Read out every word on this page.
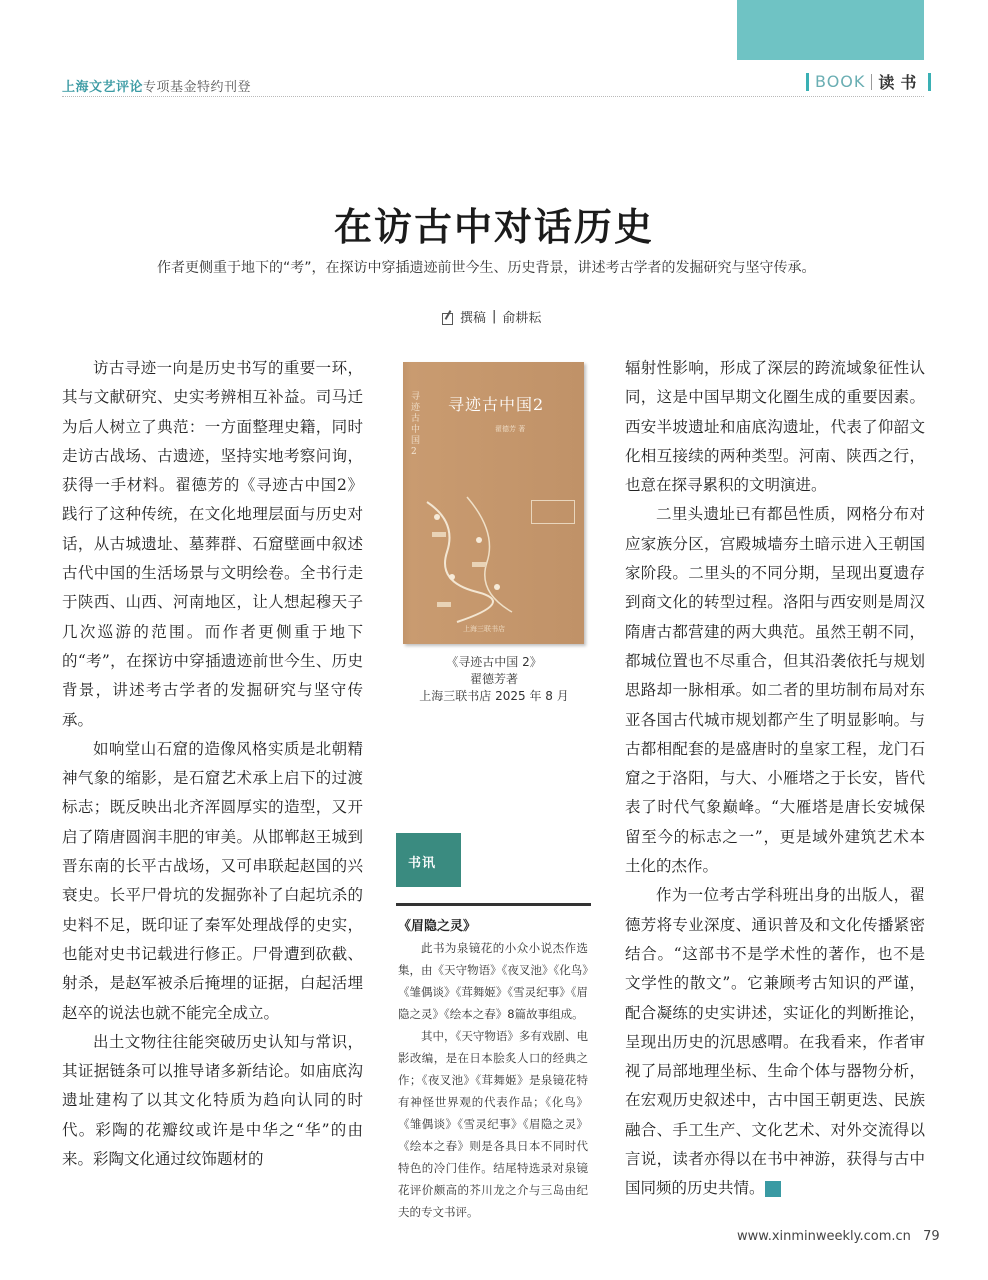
上海文艺评论专项基金特约刊登	BOOK 读书
在访古中对话历史
作者更侧重于地下的“考”，在探访中穿插遗迹前世今生、历史背景，讲述考古学者的发掘研究与坚守传承。
撰稿 | 俞耕耘

访古寻迹一向是历史书写的重要一环，其与文献研究、史实考辨相互补益。司马迁为后人树立了典范：一方面整理史籍，同时走访古战场、古遗迹，坚持实地考察问询，获得一手材料。翟德芳的《寻迹古中国2》践行了这种传统，在文化地理层面与历史对话，从古城遗址、墓葬群、石窟壁画中叙述古代中国的生活场景与文明绘卷。全书行走于陕西、山西、河南地区，让人想起穆天子几次巡游的范围。而作者更侧重于地下的“考”，在探访中穿插遗迹前世今生、历史背景，讲述考古学者的发掘研究与坚守传承。

如响堂山石窟的造像风格实质是北朝精神气象的缩影，是石窟艺术承上启下的过渡标志；既反映出北齐浑圆厚实的造型，又开启了隋唐圆润丰肥的审美。从邯郸赵王城到晋东南的长平古战场，又可串联起赵国的兴衰史。长平尸骨坑的发掘弥补了白起坑杀的史料不足，既印证了秦军处理战俘的史实，也能对史书记载进行修正。尸骨遭到砍截、射杀，是赵军被杀后掩埋的证据，白起活埋赵卒的说法也就不能完全成立。

出土文物往往能突破历史认知与常识，其证据链条可以推导诸多新结论。如庙底沟遗址建构了以其文化特质为趋向认同的时代。彩陶的花瓣纹或许是中华之“华”的由来。彩陶文化通过纹饰题材的

寻迹古中国2
寻迹古中国2
翟德芳 著
上海三联书店
《寻迹古中国 2》
翟德芳著
上海三联书店 2025 年 8 月
书讯
《眉隐之灵》

此书为泉镜花的小众小说杰作选集，由《天守物语》《夜叉池》《化鸟》《雏偶谈》《茸舞姬》《雪灵纪事》《眉隐之灵》《绘本之春》8篇故事组成。

其中，《天守物语》多有戏剧、电影改编，是在日本脍炙人口的经典之作；《夜叉池》《茸舞姬》是泉镜花特有神怪世界观的代表作品；《化鸟》《雏偶谈》《雪灵纪事》《眉隐之灵》《绘本之春》则是各具日本不同时代特色的冷门佳作。结尾特选录对泉镜花评价颇高的芥川龙之介与三岛由纪夫的专文书评。

辐射性影响，形成了深层的跨流域象征性认同，这是中国早期文化圈生成的重要因素。西安半坡遗址和庙底沟遗址，代表了仰韶文化相互接续的两种类型。河南、陕西之行，也意在探寻累积的文明演进。

二里头遗址已有都邑性质，网格分布对应家族分区，宫殿城墙夯土暗示进入王朝国家阶段。二里头的不同分期，呈现出夏遗存到商文化的转型过程。洛阳与西安则是周汉隋唐古都营建的两大典范。虽然王朝不同，都城位置也不尽重合，但其沿袭依托与规划思路却一脉相承。如二者的里坊制布局对东亚各国古代城市规划都产生了明显影响。与古都相配套的是盛唐时的皇家工程，龙门石窟之于洛阳，与大、小雁塔之于长安，皆代表了时代气象巅峰。“大雁塔是唐长安城保留至今的标志之一”，更是域外建筑艺术本土化的杰作。

作为一位考古学科班出身的出版人，翟德芳将专业深度、通识普及和文化传播紧密结合。“这部书不是学术性的著作，也不是文学性的散文”。它兼顾考古知识的严谨，配合凝练的史实讲述，实证化的判断推论，呈现出历史的沉思感喟。在我看来，作者审视了局部地理坐标、生命个体与器物分析，在宏观历史叙述中，古中国王朝更迭、民族融合、手工生产、文化艺术、对外交流得以言说，读者亦得以在书中神游，获得与古中国同频的历史共情。	民

www.xinminweekly.com.cn 79
